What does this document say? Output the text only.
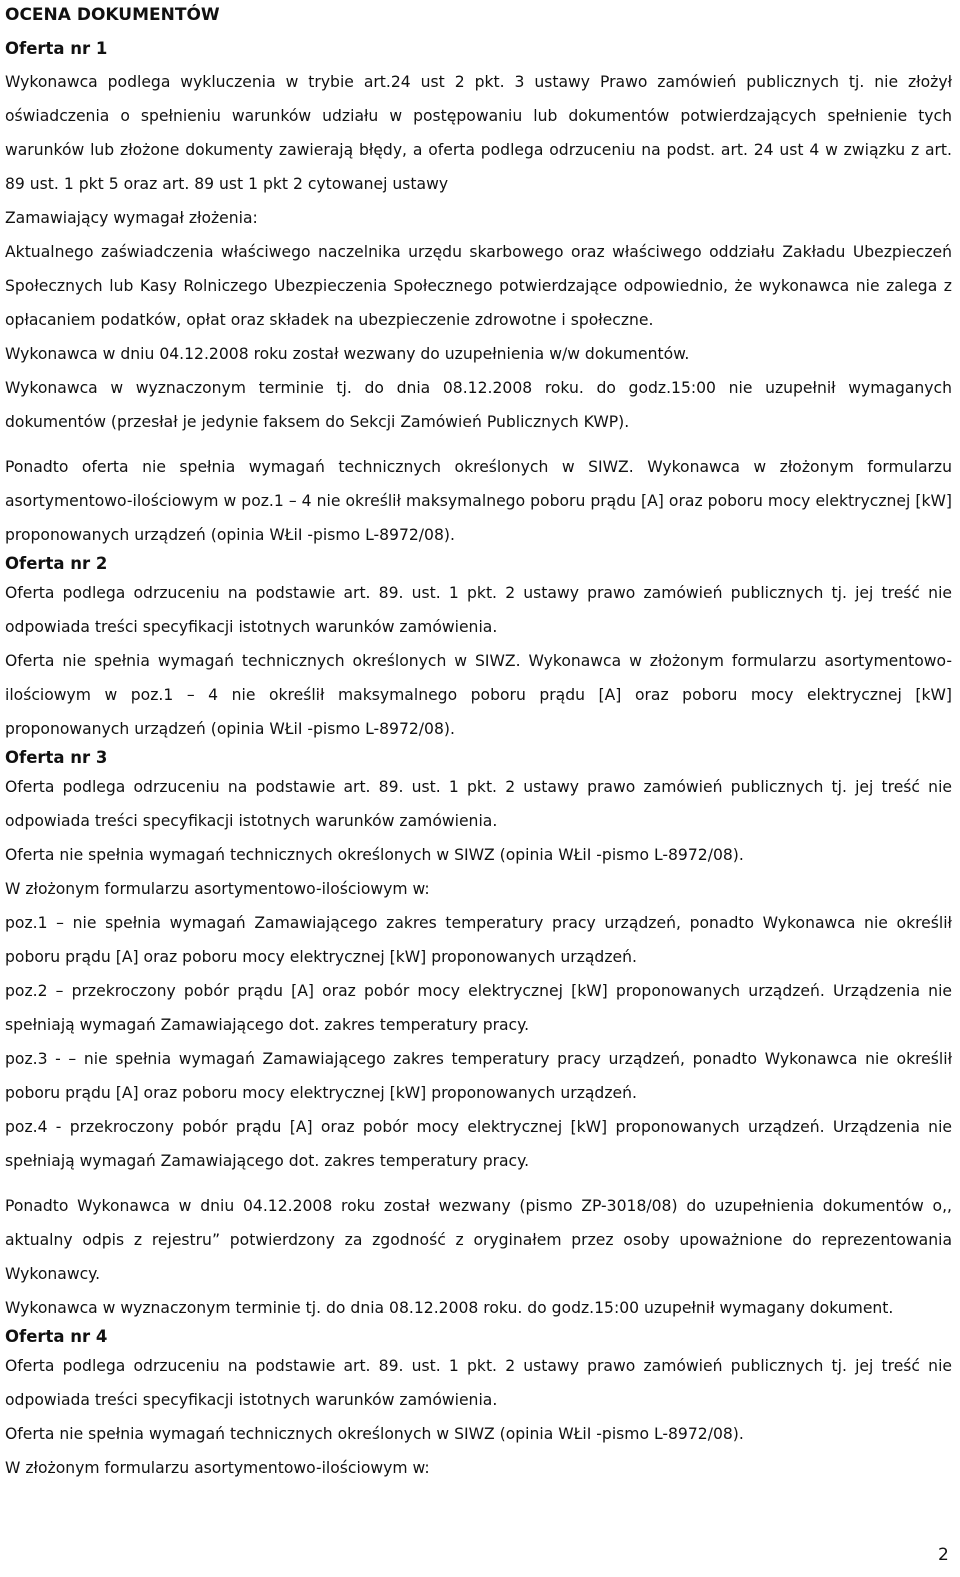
OCENA DOKUMENTÓW
Oferta nr 1

Wykonawca podlega wykluczenia w trybie art.24 ust 2 pkt. 3 ustawy Prawo zamówień publicznych tj. nie złożył oświadczenia o spełnieniu warunków udziału w postępowaniu lub dokumentów potwierdzających spełnienie tych warunków lub złożone dokumenty zawierają błędy, a oferta podlega odrzuceniu na podst. art. 24 ust 4 w związku z art. 89 ust. 1 pkt 5 oraz art. 89 ust 1 pkt 2 cytowanej ustawy

Zamawiający wymagał złożenia:

Aktualnego zaświadczenia właściwego naczelnika urzędu skarbowego oraz właściwego oddziału Zakładu Ubezpieczeń Społecznych lub Kasy Rolniczego Ubezpieczenia Społecznego potwierdzające odpowiednio, że wykonawca nie zalega z opłacaniem podatków, opłat oraz składek na ubezpieczenie zdrowotne i społeczne.

Wykonawca w dniu 04.12.2008 roku został wezwany do uzupełnienia w/w dokumentów.

Wykonawca w wyznaczonym terminie tj. do dnia 08.12.2008 roku. do godz.15:00 nie uzupełnił wymaganych dokumentów (przesłał je jedynie faksem do Sekcji Zamówień Publicznych KWP).

Ponadto oferta nie spełnia wymagań technicznych określonych w SIWZ. Wykonawca w złożonym formularzu asortymentowo-ilościowym w poz.1 – 4 nie określił maksymalnego poboru prądu [A] oraz poboru mocy elektrycznej [kW] proponowanych urządzeń (opinia WŁiI -pismo L-8972/08).

Oferta nr 2

Oferta podlega odrzuceniu na podstawie art. 89. ust. 1 pkt. 2 ustawy prawo zamówień publicznych tj. jej treść nie odpowiada treści specyfikacji istotnych warunków zamówienia.

Oferta nie spełnia wymagań technicznych określonych w SIWZ. Wykonawca w złożonym formularzu asortymentowo-ilościowym w poz.1 – 4 nie określił maksymalnego poboru prądu [A] oraz poboru mocy elektrycznej [kW] proponowanych urządzeń (opinia WŁiI -pismo L-8972/08).

Oferta nr 3

Oferta podlega odrzuceniu na podstawie art. 89. ust. 1 pkt. 2 ustawy prawo zamówień publicznych tj. jej treść nie odpowiada treści specyfikacji istotnych warunków zamówienia.

Oferta nie spełnia wymagań technicznych określonych w SIWZ (opinia WŁiI -pismo L-8972/08).

W złożonym formularzu asortymentowo-ilościowym w:

poz.1 – nie spełnia wymagań Zamawiającego zakres temperatury pracy urządzeń, ponadto Wykonawca nie określił poboru prądu [A] oraz poboru mocy elektrycznej [kW] proponowanych urządzeń.

poz.2 – przekroczony pobór prądu [A] oraz pobór mocy elektrycznej [kW] proponowanych urządzeń. Urządzenia nie spełniają wymagań Zamawiającego dot. zakres temperatury pracy.

poz.3 - – nie spełnia wymagań Zamawiającego zakres temperatury pracy urządzeń, ponadto Wykonawca nie określił poboru prądu [A] oraz poboru mocy elektrycznej [kW] proponowanych urządzeń.

poz.4 - przekroczony pobór prądu [A] oraz pobór mocy elektrycznej [kW] proponowanych urządzeń. Urządzenia nie spełniają wymagań Zamawiającego dot. zakres temperatury pracy.

Ponadto Wykonawca w dniu 04.12.2008 roku został wezwany (pismo ZP-3018/08) do uzupełnienia dokumentów o,, aktualny odpis z rejestru” potwierdzony za zgodność z oryginałem przez osoby upoważnione do reprezentowania Wykonawcy.

Wykonawca w wyznaczonym terminie tj. do dnia 08.12.2008 roku. do godz.15:00 uzupełnił wymagany dokument.

Oferta nr 4

Oferta podlega odrzuceniu na podstawie art. 89. ust. 1 pkt. 2 ustawy prawo zamówień publicznych tj. jej treść nie odpowiada treści specyfikacji istotnych warunków zamówienia.

Oferta nie spełnia wymagań technicznych określonych w SIWZ (opinia WŁiI -pismo L-8972/08).

W złożonym formularzu asortymentowo-ilościowym w:

2
